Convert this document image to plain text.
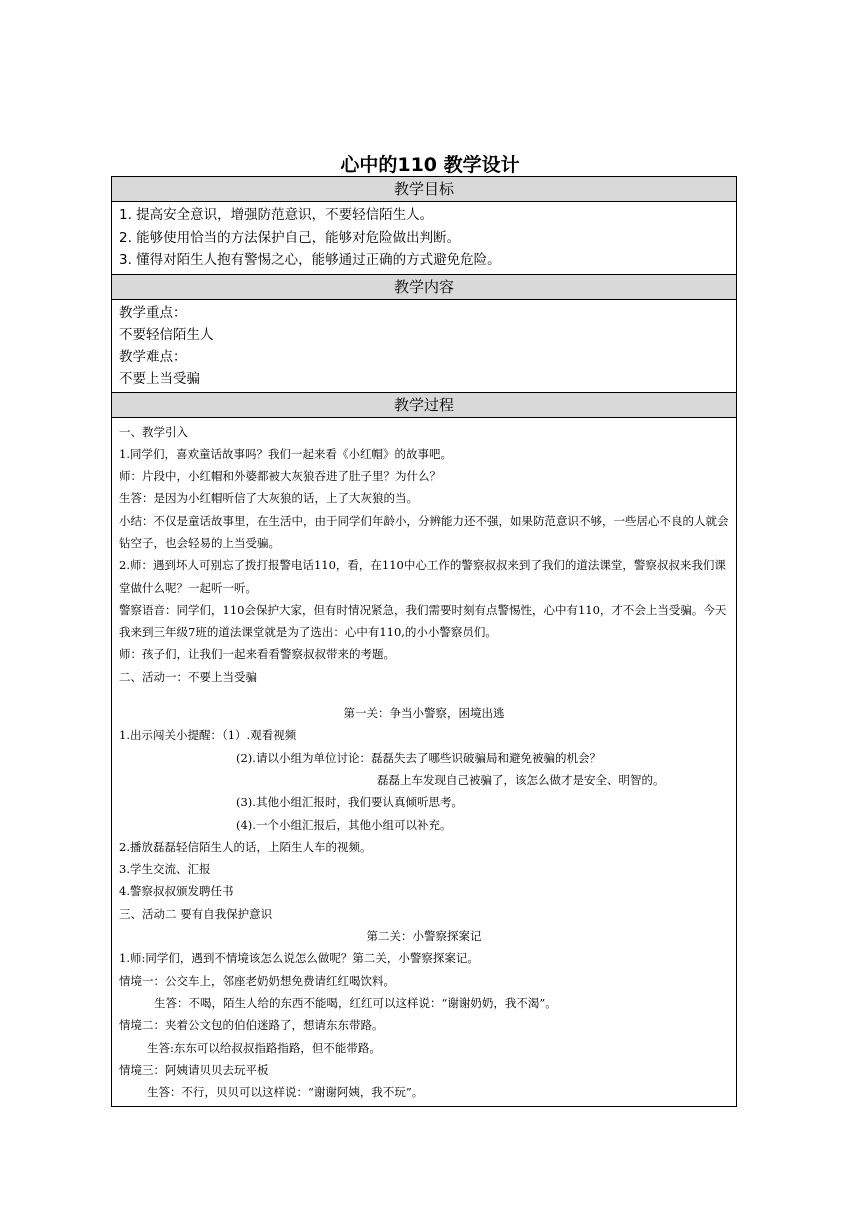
心中的110 教学设计
教学目标
1. 提高安全意识，增强防范意识，不要轻信陌生人。
2. 能够使用恰当的方法保护自己，能够对危险做出判断。
3. 懂得对陌生人抱有警惕之心，能够通过正确的方式避免危险。
教学内容
教学重点：
不要轻信陌生人
教学难点：
不要上当受骗
教学过程
一、教学引入
1.同学们，喜欢童话故事吗？我们一起来看《小红帽》的故事吧。
师：片段中，小红帽和外婆都被大灰狼吞进了肚子里？为什么？
生答：是因为小红帽听信了大灰狼的话，上了大灰狼的当。
小结：不仅是童话故事里，在生活中，由于同学们年龄小，分辨能力还不强，如果防范意识不够，一些居心不良的人就会钻空子，也会轻易的上当受骗。
2.师：遇到坏人可别忘了拨打报警电话110，看，在110中心工作的警察叔叔来到了我们的道法课堂，警察叔叔来我们课堂做什么呢？一起听一听。
警察语音：同学们，110会保护大家，但有时情况紧急，我们需要时刻有点警惕性，心中有110，才不会上当受骗。今天我来到三年级7班的道法课堂就是为了选出：心中有110,的小小警察员们。
师：孩子们，让我们一起来看看警察叔叔带来的考题。
二、活动一：不要上当受骗
第一关：争当小警察，困境出逃
1.出示闯关小提醒：（1）.观看视频
(2).请以小组为单位讨论：磊磊失去了哪些识破骗局和避免被骗的机会？
磊磊上车发现自己被骗了，该怎么做才是安全、明智的。
(3).其他小组汇报时，我们要认真倾听思考。
(4).一个小组汇报后，其他小组可以补充。
2.播放磊磊轻信陌生人的话，上陌生人车的视频。
3.学生交流、汇报
4.警察叔叔颁发聘任书
三、活动二 要有自我保护意识
第二关：小警察探案记
1.师:同学们，遇到不情境该怎么说怎么做呢？第二关，小警察探案记。
情境一：公交车上，邻座老奶奶想免费请红红喝饮料。
生答：不喝，陌生人给的东西不能喝，红红可以这样说：“谢谢奶奶，我不渴”。
情境二：夹着公文包的伯伯迷路了，想请东东带路。
生答:东东可以给叔叔指路指路，但不能带路。
情境三：阿姨请贝贝去玩平板
生答：不行，贝贝可以这样说：“谢谢阿姨，我不玩”。
